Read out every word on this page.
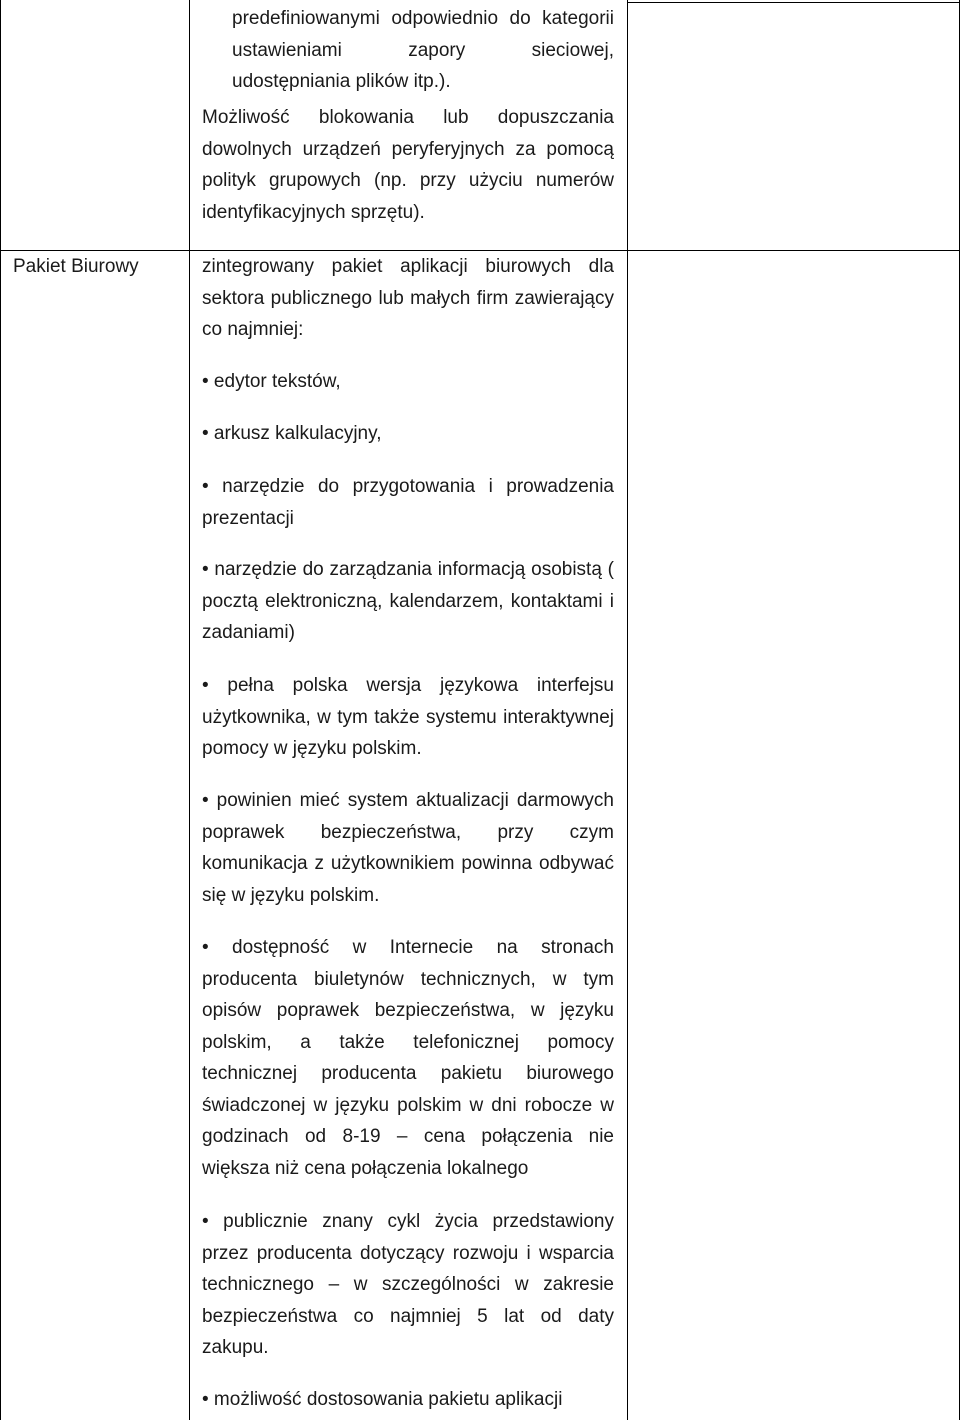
predefiniowanymi odpowiednio do kategorii ustawieniami zapory sieciowej, udostępniania plików itp.).
Możliwość blokowania lub dopuszczania dowolnych urządzeń peryferyjnych za pomocą polityk grupowych (np. przy użyciu numerów identyfikacyjnych sprzętu).
Pakiet Biurowy	zintegrowany pakiet aplikacji biurowych dla sektora publicznego lub małych firm zawierający co najmniej:
• edytor tekstów,
• arkusz kalkulacyjny,
• narzędzie do przygotowania i prowadzenia prezentacji
• narzędzie do zarządzania informacją osobistą ( pocztą elektroniczną, kalendarzem, kontaktami i zadaniami)
• pełna polska wersja językowa interfejsu użytkownika, w tym także systemu interaktywnej pomocy w języku polskim.
• powinien mieć system aktualizacji darmowych poprawek bezpieczeństwa, przy czym komunikacja z użytkownikiem powinna odbywać się w języku polskim.
• dostępność w Internecie na stronach producenta biuletynów technicznych, w tym opisów poprawek bezpieczeństwa, w języku polskim, a także telefonicznej pomocy technicznej producenta pakietu biurowego świadczonej w języku polskim w dni robocze w godzinach od 8-19 – cena połączenia nie większa niż cena połączenia lokalnego
• publicznie znany cykl życia przedstawiony przez producenta dotyczący rozwoju i wsparcia technicznego – w szczególności w zakresie bezpieczeństwa co najmniej 5 lat od daty zakupu.
• możliwość dostosowania pakietu aplikacji
